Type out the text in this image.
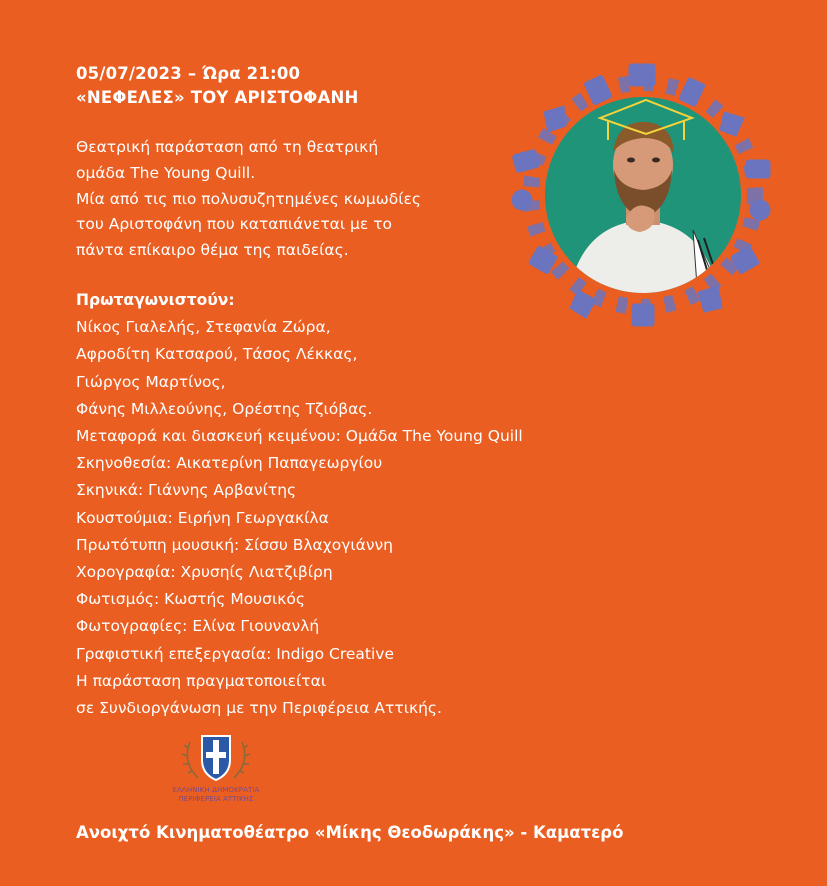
05/07/2023 – Ώρα 21:00
«ΝΕΦΕΛΕΣ» ΤΟΥ ΑΡΙΣΤΟΦΑΝΗ
Θεατρική παράσταση από τη θεατρική
ομάδα The Young Quill.
Μία από τις πιο πολυσυζητημένες κωμωδίες
του Αριστοφάνη που καταπιάνεται με το
πάντα επίκαιρο θέμα της παιδείας.
Πρωταγωνιστούν:
Νίκος Γιαλελής, Στεφανία Ζώρα,
Αφροδίτη Κατσαρού, Τάσος Λέκκας,
Γιώργος Μαρτίνος,
Φάνης Μιλλεούνης, Ορέστης Τζιόβας.
Μεταφορά και διασκευή κειμένου: Ομάδα The Young Quill
Σκηνοθεσία: Αικατερίνη Παπαγεωργίου
Σκηνικά: Γιάννης Αρβανίτης
Κουστούμια: Ειρήνη Γεωργακίλα
Πρωτότυπη μουσική: Σίσσυ Βλαχογιάννη
Χορογραφία: Χρυσηίς Λιατζιβίρη
Φωτισμός: Κωστής Μουσικός
Φωτογραφίες: Ελίνα Γιουνανλή
Γραφιστική επεξεργασία: Indigo Creative
Η παράσταση πραγματοποιείται
σε Συνδιοργάνωση με την Περιφέρεια Αττικής.
ΕΛΛΗΝΙΚΗ ΔΗΜΟΚΡΑΤΙΑ
ΠΕΡΙΦΕΡΕΙΑ ΑΤΤΙΚΗΣ
Ανοιχτό Κινηματοθέατρο «Μίκης Θεοδωράκης» - Καματερό
